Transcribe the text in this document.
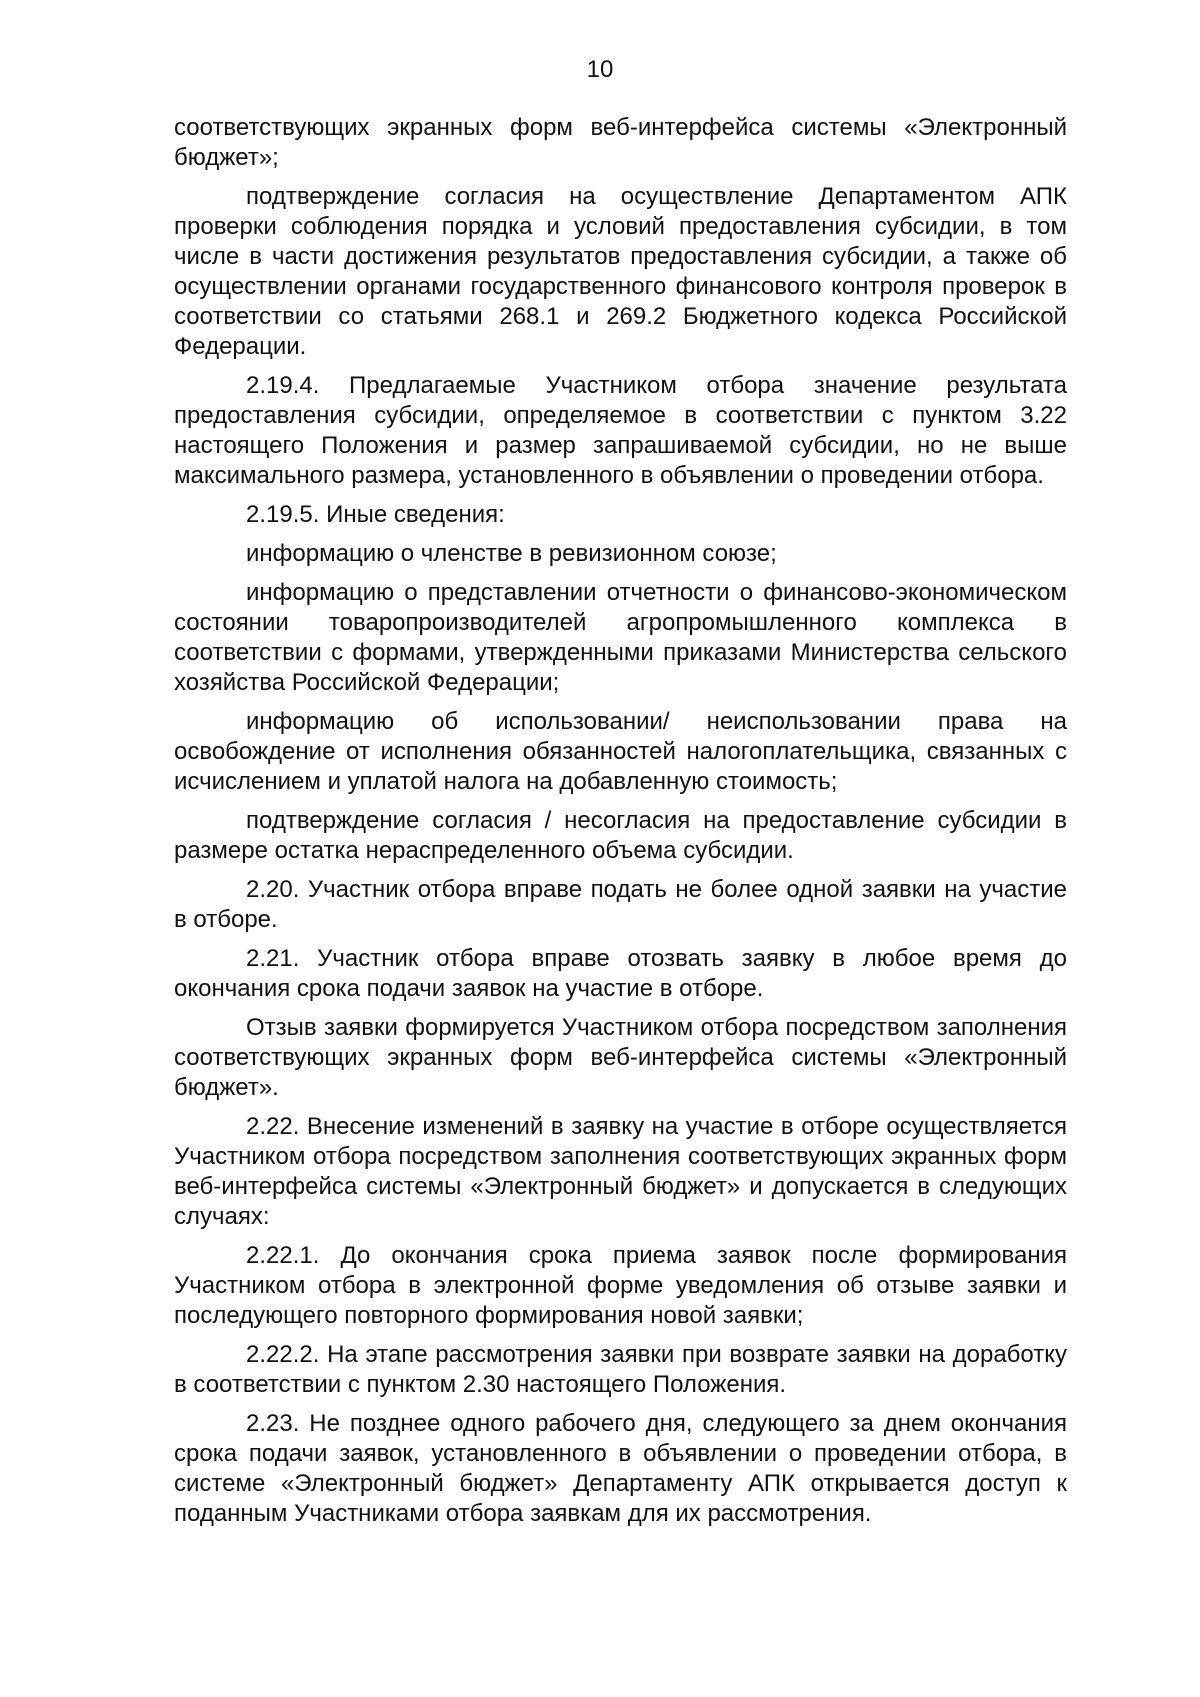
10

соответствующих экранных форм веб-интерфейса системы «Электронный бюджет»;

подтверждение согласия на осуществление Департаментом АПК проверки соблюдения порядка и условий предоставления субсидии, в том числе в части достижения результатов предоставления субсидии, а также об осуществлении органами государственного финансового контроля проверок в соответствии со статьями 268.1 и 269.2 Бюджетного кодекса Российской Федерации.

2.19.4. Предлагаемые Участником отбора значение результата предоставления субсидии, определяемое в соответствии с пунктом 3.22 настоящего Положения и размер запрашиваемой субсидии, но не выше максимального размера, установленного в объявлении о проведении отбора.

2.19.5. Иные сведения:

информацию о членстве в ревизионном союзе;

информацию о представлении отчетности о финансово-экономическом состоянии товаропроизводителей агропромышленного комплекса в соответствии с формами, утвержденными приказами Министерства сельского хозяйства Российской Федерации;

информацию об использовании/ неиспользовании права на освобождение от исполнения обязанностей налогоплательщика, связанных с исчислением и уплатой налога на добавленную стоимость;

подтверждение согласия / несогласия на предоставление субсидии в размере остатка нераспределенного объема субсидии.

2.20. Участник отбора вправе подать не более одной заявки на участие в отборе.

2.21. Участник отбора вправе отозвать заявку в любое время до окончания срока подачи заявок на участие в отборе.

Отзыв заявки формируется Участником отбора посредством заполнения соответствующих экранных форм веб-интерфейса системы «Электронный бюджет».

2.22. Внесение изменений в заявку на участие в отборе осуществляется Участником отбора посредством заполнения соответствующих экранных форм веб-интерфейса системы «Электронный бюджет» и допускается в следующих случаях:

2.22.1. До окончания срока приема заявок после формирования Участником отбора в электронной форме уведомления об отзыве заявки и последующего повторного формирования новой заявки;

2.22.2. На этапе рассмотрения заявки при возврате заявки на доработку в соответствии с пунктом 2.30 настоящего Положения.

2.23. Не позднее одного рабочего дня, следующего за днем окончания срока подачи заявок, установленного в объявлении о проведении отбора, в системе «Электронный бюджет» Департаменту АПК открывается доступ к поданным Участниками отбора заявкам для их рассмотрения.
